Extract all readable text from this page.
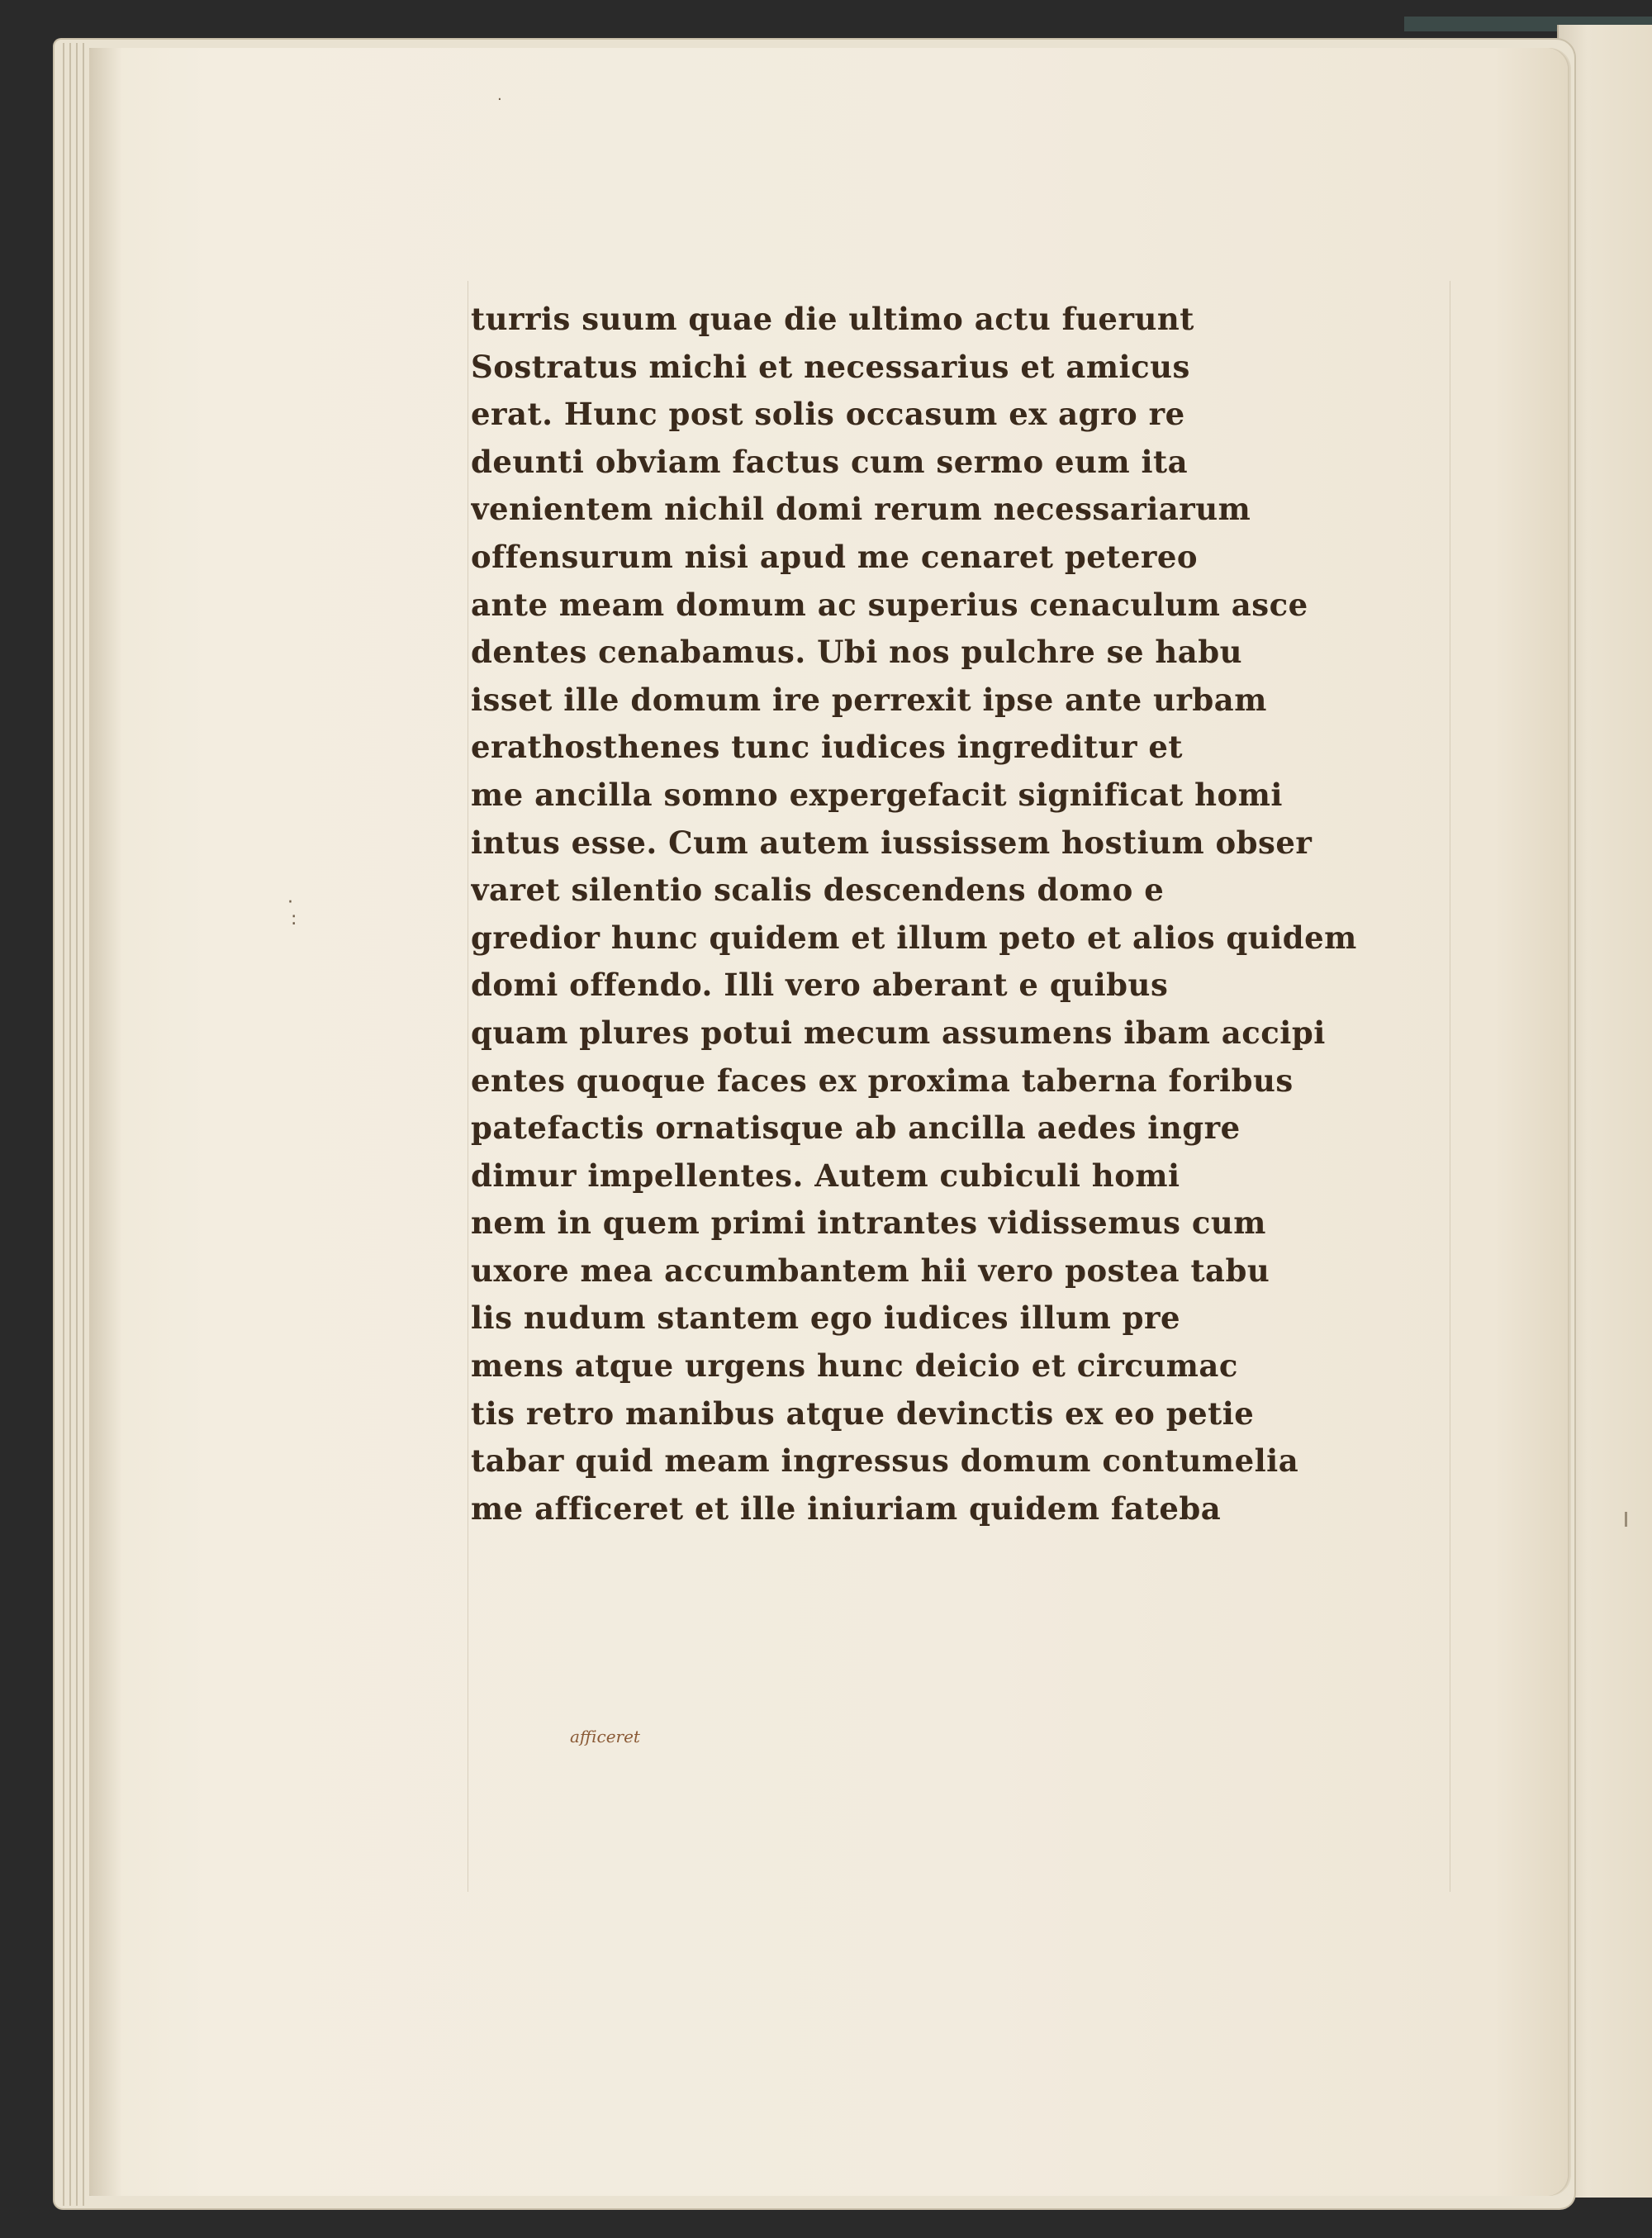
·
·
:
turris suum quae die ultimo actu fuerunt
Sostratus michi et necessarius et amicus
erat. Hunc post solis occasum ex agro re
deunti obviam factus cum sermo eum ita
venientem nichil domi rerum necessariarum
offensurum nisi apud me cenaret petereo
ante meam domum ac superius cenaculum asce
dentes cenabamus. Ubi nos pulchre se habu
isset ille domum ire perrexit ipse ante urbam
erathosthenes tunc iudices ingreditur et
me ancilla somno expergefacit significat homi
intus esse. Cum autem iussissem hostium obser
varet silentio scalis descendens domo e
gredior hunc quidem et illum peto et alios quidem
domi offendo. Illi vero aberant e quibus
quam plures potui mecum assumens ibam accipi
entes quoque faces ex proxima taberna foribus
patefactis ornatisque ab ancilla aedes ingre
dimur impellentes. Autem cubiculi homi
nem in quem primi intrantes vidissemus cum
uxore mea accumbantem hii vero postea tabu
lis nudum stantem ego iudices illum pre
mens atque urgens hunc deicio et circumac
tis retro manibus atque devinctis ex eo petie
tabar quid meam ingressus domum contumelia
me afficeret et ille iniuriam quidem fateba
afficeret
